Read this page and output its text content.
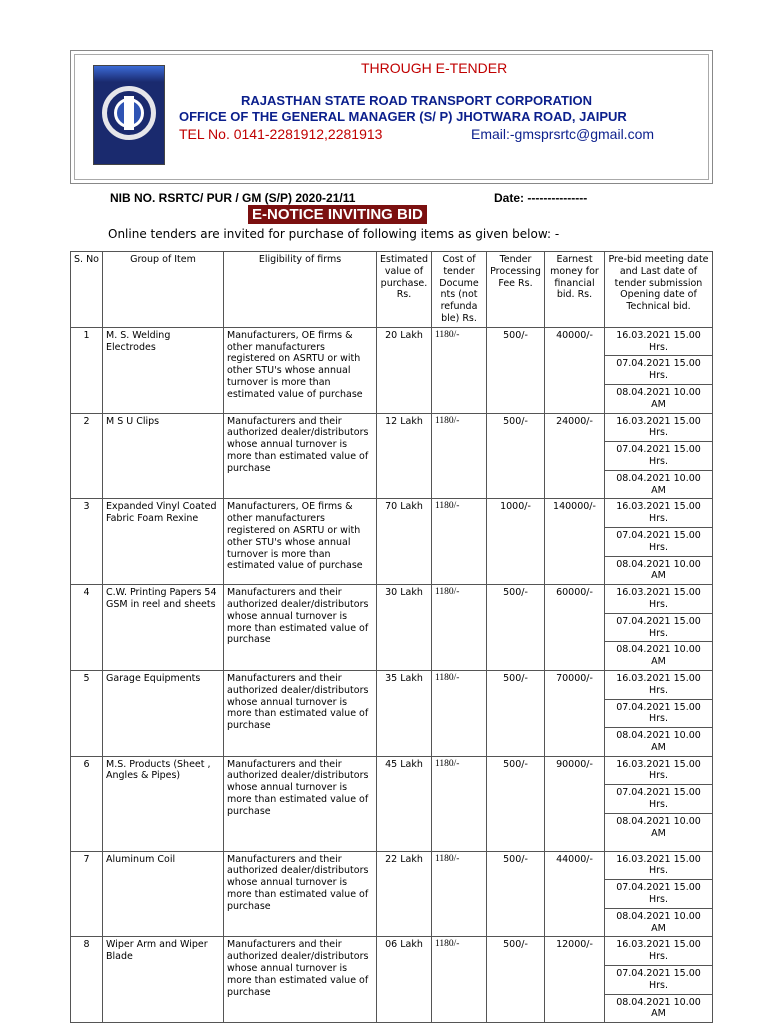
THROUGH E-TENDER
RAJASTHAN STATE ROAD TRANSPORT CORPORATION
OFFICE OF THE GENERAL MANAGER (S/ P) JHOTWARA ROAD, JAIPUR
TEL No. 0141-2281912,2281913	Email:-gmsprsrtc@gmail.com
NIB NO. RSRTC/ PUR / GM (S/P) 2020-21/11	Date: ---------------
E-NOTICE INVITING BID
Online tenders are invited for purchase of following items as given below: -
S. No	Group of Item	Eligibility of firms	Estimated value of purchase. Rs.	Cost of tender Docume nts (not refunda ble) Rs.	Tender Processing Fee Rs.	Earnest money for financial bid. Rs.	Pre-bid meeting date and Last date of tender submission Opening date of Technical bid.
1	M. S. Welding Electrodes	Manufacturers, OE firms & other manufacturers registered on ASRTU or with other STU's whose annual turnover is more than estimated value of purchase	20 Lakh	1180/-	500/-	40000/-	16.03.2021 15.00 Hrs.
07.04.2021 15.00 Hrs.
08.04.2021 10.00 AM

2	M S U Clips	Manufacturers and their authorized dealer/distributors whose annual turnover is more than estimated value of purchase	12 Lakh	1180/-	500/-	24000/-	16.03.2021 15.00 Hrs.
07.04.2021 15.00 Hrs.
08.04.2021 10.00 AM

3	Expanded Vinyl Coated Fabric Foam Rexine	Manufacturers, OE firms & other manufacturers registered on ASRTU or with other STU's whose annual turnover is more than estimated value of purchase	70 Lakh	1180/-	1000/-	140000/-	16.03.2021 15.00 Hrs.
07.04.2021 15.00 Hrs.
08.04.2021 10.00 AM

4	C.W. Printing Papers 54 GSM in reel and sheets	Manufacturers and their authorized dealer/distributors whose annual turnover is more than estimated value of purchase	30 Lakh	1180/-	500/-	60000/-	16.03.2021 15.00 Hrs.
07.04.2021 15.00 Hrs.
08.04.2021 10.00 AM

5	Garage Equipments	Manufacturers and their authorized dealer/distributors whose annual turnover is more than estimated value of purchase	35 Lakh	1180/-	500/-	70000/-	16.03.2021 15.00 Hrs.
07.04.2021 15.00 Hrs.
08.04.2021 10.00 AM

6	M.S. Products (Sheet , Angles & Pipes)	Manufacturers and their authorized dealer/distributors whose annual turnover is more than estimated value of purchase	45 Lakh	1180/-	500/-	90000/-	16.03.2021 15.00 Hrs.
07.04.2021 15.00 Hrs.
08.04.2021 10.00 AM

7	Aluminum Coil	Manufacturers and their authorized dealer/distributors whose annual turnover is more than estimated value of purchase	22 Lakh	1180/-	500/-	44000/-	16.03.2021 15.00 Hrs.
07.04.2021 15.00 Hrs.
08.04.2021 10.00 AM

8	Wiper Arm and Wiper Blade	Manufacturers and their authorized dealer/distributors whose annual turnover is more than estimated value of purchase	06 Lakh	1180/-	500/-	12000/-	16.03.2021 15.00 Hrs.
07.04.2021 15.00 Hrs.
08.04.2021 10.00 AM
